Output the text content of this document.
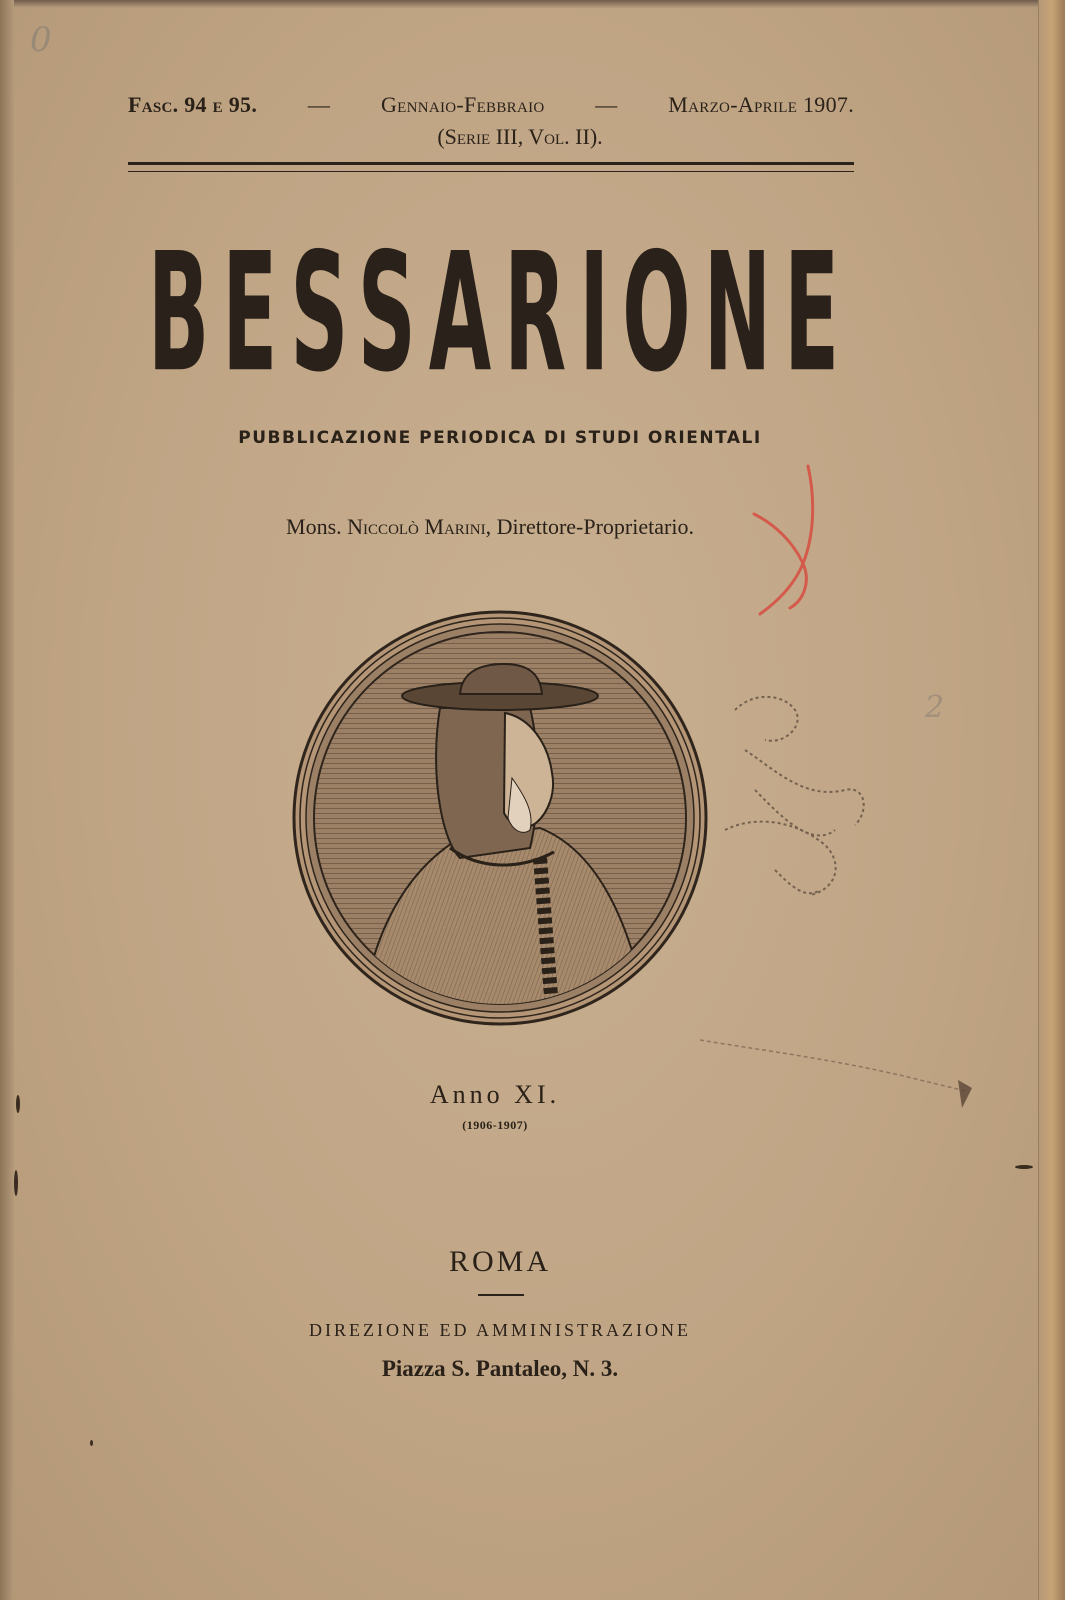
0
2
Fasc. 94 e 95. — Gennaio-Febbraio — Marzo-Aprile 1907.
(Serie III, Vol. II).
BESSARIONE
PUBBLICAZIONE PERIODICA DI STUDI ORIENTALI
Mons. Niccolò Marini, Direttore-Proprietario.
Anno XI.
(1906-1907)
ROMA
DIREZIONE ED AMMINISTRAZIONE
Piazza S. Pantaleo, N. 3.
